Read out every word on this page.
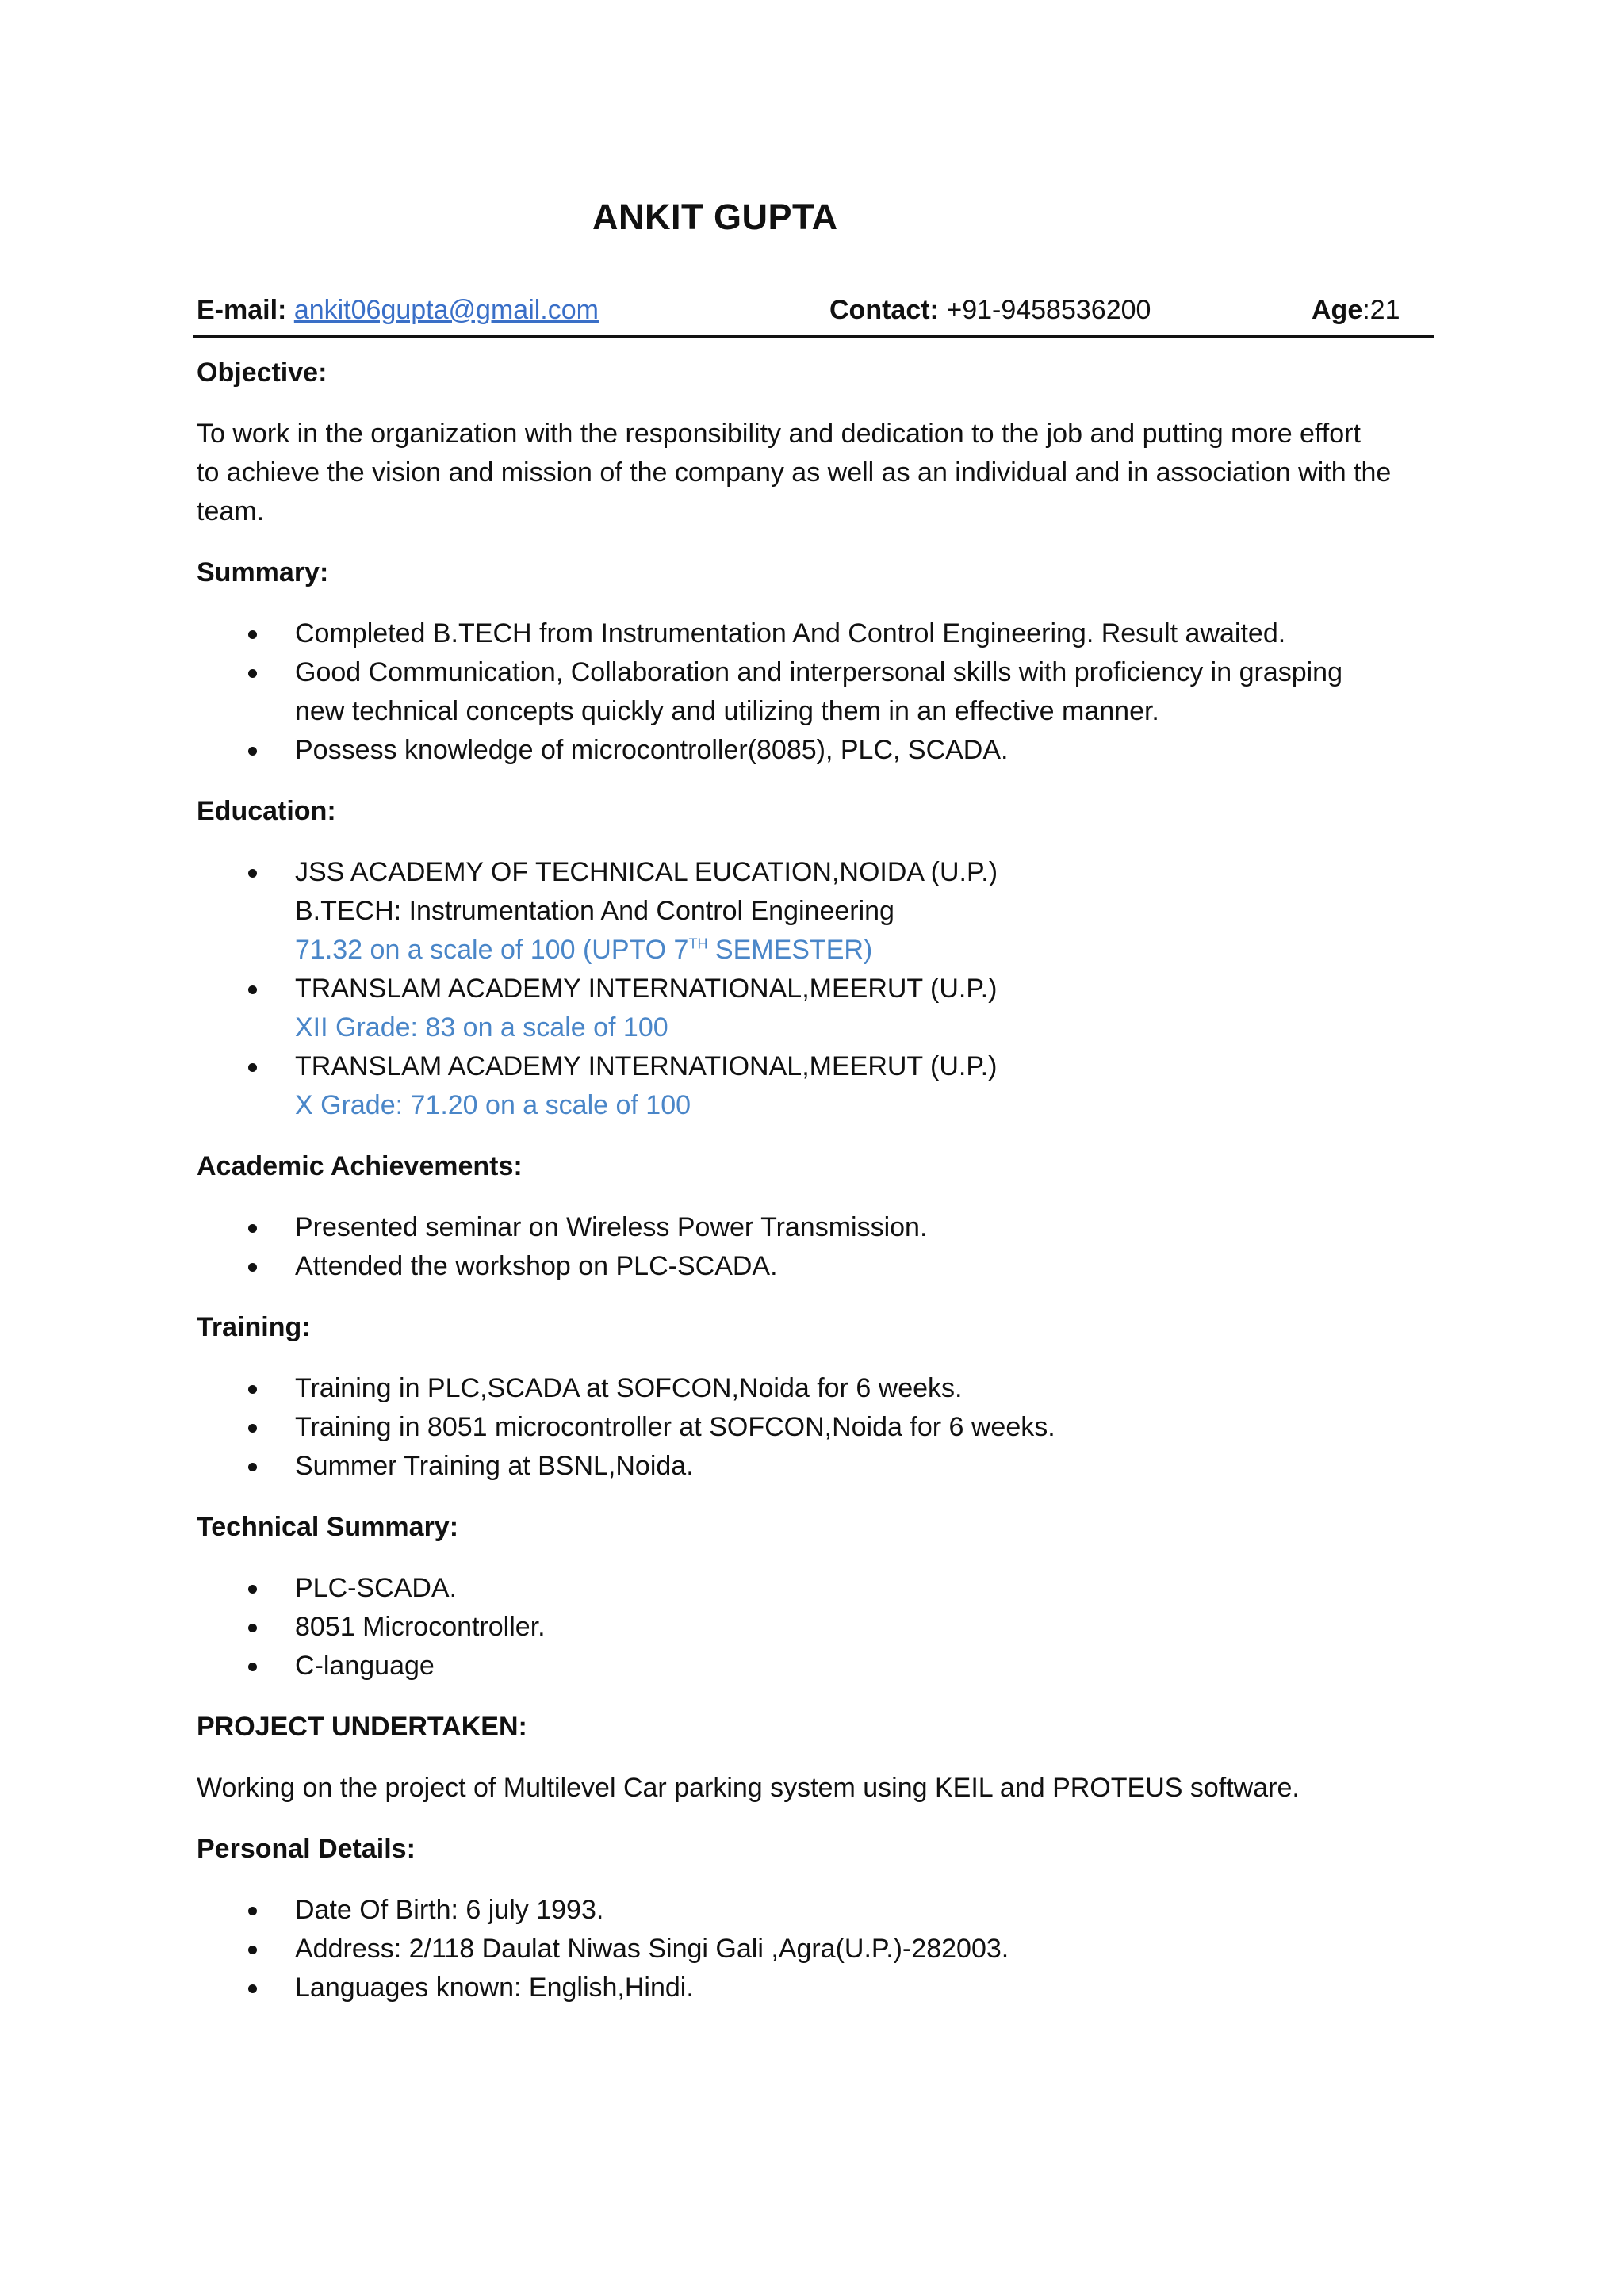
ANKIT GUPTA
E-mail: ankit06gupta@gmail.com	Contact: +91-9458536200	Age:21

Objective:

To work in the organization with the responsibility and dedication to the job and putting more effort
to achieve the vision and mission of the company as well as an individual and in association with the
team.

Summary:

Completed B.TECH from Instrumentation And Control Engineering. Result awaited.
Good Communication, Collaboration and interpersonal skills with proficiency in grasping
new technical concepts quickly and utilizing them in an effective manner.
Possess knowledge of microcontroller(8085), PLC, SCADA.

Education:

JSS ACADEMY OF TECHNICAL EUCATION,NOIDA (U.P.)
B.TECH: Instrumentation And Control Engineering
71.32 on a scale of 100 (UPTO 7TH SEMESTER)
TRANSLAM ACADEMY INTERNATIONAL,MEERUT (U.P.)
XII Grade: 83 on a scale of 100
TRANSLAM ACADEMY INTERNATIONAL,MEERUT (U.P.)
X Grade: 71.20 on a scale of 100

Academic Achievements:

Presented seminar on Wireless Power Transmission.
Attended the workshop on PLC-SCADA.

Training:

Training in PLC,SCADA at SOFCON,Noida for 6 weeks.
Training in 8051 microcontroller at SOFCON,Noida for 6 weeks.
Summer Training at BSNL,Noida.

Technical Summary:

PLC-SCADA.
8051 Microcontroller.
C-language

PROJECT UNDERTAKEN:

Working on the project of Multilevel Car parking system using KEIL and PROTEUS software.

Personal Details:

Date Of Birth: 6 july 1993.
Address: 2/118 Daulat Niwas Singi Gali ,Agra(U.P.)-282003.
Languages known: English,Hindi.
